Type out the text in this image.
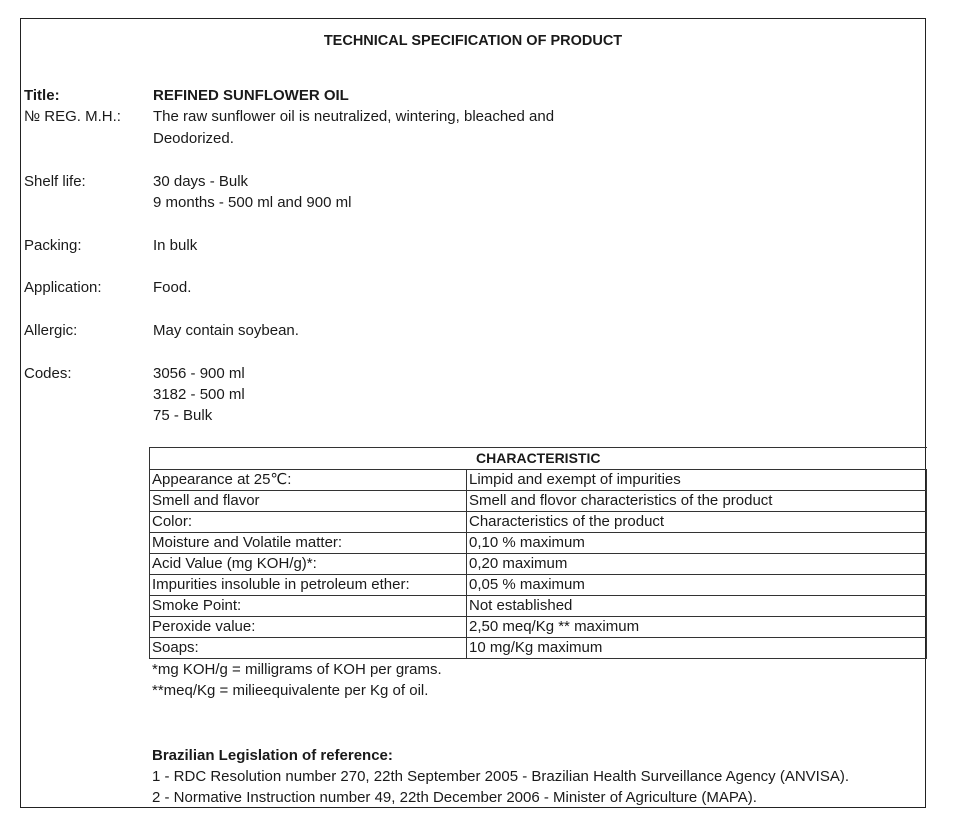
TECHNICAL SPECIFICATION OF PRODUCT
Title:	REFINED SUNFLOWER OIL
№ REG. M.H.: The raw sunflower oil is neutralized, wintering, bleached and
Deodorized.
Shelf life:	30 days - Bulk
9 months - 500 ml and 900 ml
Packing:	In bulk
Application:	Food.
Allergic:	May contain soybean.
Codes:	3056 - 900 ml
3182 - 500 ml
75 - Bulk
CHARACTERISTIC	
Appearance at 25℃:	Limpid and exempt of impurities
Smell and flavor	Smell and flovor characteristics of the product
Color:	Characteristics of the product
Moisture and Volatile matter:	0,10 % maximum
Acid Value (mg KOH/g)*:	0,20 maximum
Impurities insoluble in petroleum ether:	0,05 % maximum
Smoke Point:	Not established
Peroxide value:	2,50 meq/Kg ** maximum
Soaps:	10 mg/Kg maximum
*mg KOH/g = milligrams of KOH per grams.
**meq/Kg = milieequivalente per Kg of oil.
Brazilian Legislation of reference:
1 - RDC Resolution number 270, 22th September 2005 - Brazilian Health Surveillance Agency (ANVISA).
2 - Normative Instruction number 49, 22th December 2006 - Minister of Agriculture (MAPA).
